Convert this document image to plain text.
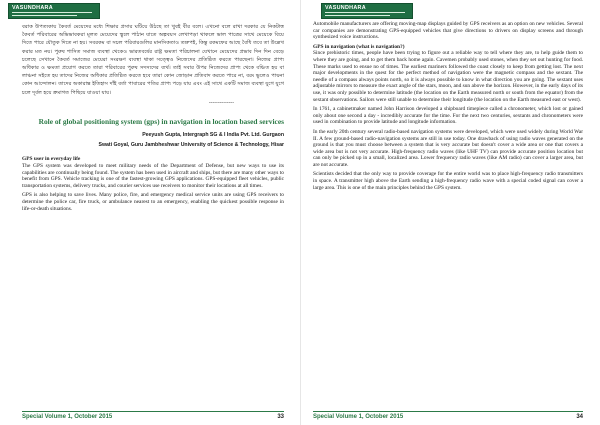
VASUNDHARA

বরাক উপত্যকায় কৈবর্ত মেয়েদের মধ্যে শিক্ষার প্রসার ঘটিয়ে উঠছে তা খুবই বীর বলে। এখনো বলে রাখা দরকার যে নিকটাত্ত কৈবর্ত পরিবারের অভিভাবকরা মূলত মেয়েদের স্কুলে পাঠান যাতে অল্পবয়স লেখাপড়া থাকলে ভাল পাত্রের সাথে মেয়েকে বিয়ে দিতে পারে যৌতুক দিতে না হয়। সবরকম বা সচল পরিবারগুলির মানসিকতাও তদ্রুপই, কিন্তু রকমফের আছে বৈধি তবে তা উল্লেখ করার মত নয়। পুরুষ শাসিত সমাজ ব্যবস্থা থেকেও ভারতবর্ষের রাষ্ট্র ক্ষমতা পরিচালনা যেখানে মেয়েদের প্রভাব দিন দিন বেড়ে চলেছে সেখানে কৈবর্ত সমাজের মেয়েরা সংরক্ষণ ব্যবস্থা থাকা সত্ত্বেও নিজেদের প্রতিষ্ঠিত করতে পারছেনা। নিজের প্রাপ্য অধিকার ও ক্ষমতা প্রয়োগ করতে তারা পরিবারের পুরুষ সদস্যদের ব্যর্থ। তাই সবার উপর নিজেদের প্রাপ্য থেকে বঞ্চিত হয় বা লাঞ্চনা সইতে হয় তাদের নিজের অধিকার প্রতিষ্ঠিত করতে হবে তারা কোন জোড়ান প্রতিবাদ করতে পারে না, বরং ভুলেও পায়না কোন আন্দোলন। তাদের অকারান্ত ইতিহাস দাঁই বর্তা পাবারের পতির প্রাপ্য পড়ে যায় এবং এই সাথে একটি সমাজ ব্যবস্থা যুগে যুগে চলে দূর্বল হয়ে ক্রমাগত পিছিয়ে যাওয়া যায়।

--------------

Role of global positioning system (gps) in navigation in location based services

Peeyush Gupta, Intergraph SG & I India Pvt. Ltd. Gurgaon

Swati Goyal, Guru Jambheshwar University of Science & Technology, Hisar

GPS user in everyday life

The GPS system was developed to meet military needs of the Department of Defense, but new ways to use its capabilities are continually being found. The system has been used in aircraft and ships, but there are many other ways to benefit from GPS. Vehicle tracking is one of the fastest-growing GPS applications. GPS-equipped fleet vehicles, public transportation systems, delivery trucks, and courier services use receivers to monitor their locations at all times.

GPS is also helping to save lives. Many police, fire, and emergency medical service units are using GPS receivers to determine the police car, fire truck, or ambulance nearest to an emergency, enabling the quickest possible response in life-or-death situations.

Special Volume 1, October 2015	33
VASUNDHARA

Automobile manufacturers are offering moving-map displays guided by GPS receivers as an option on new vehicles. Several car companies are demonstrating GPS-equipped vehicles that give directions to drivers on display screens and through synthesized voice instructions.

GPS in navigation (what is navigation?)

Since prehistoric times, people have been trying to figure out a reliable way to tell where they are, to help guide them to where they are going, and to get them back home again. Cavemen probably used stones, when they set out hunting for food. These marks used to ensue no of times. The earliest mariners followed the coast closely to keep from getting lost. The next major developments in the quest for the perfect method of navigation were the magnetic compass and the sextant. The needle of a compass always points north, so it is always possible to know in what direction you are going. The sextant uses adjustable mirrors to measure the exact angle of the stars, moon, and sun above the horizon. However, in the early days of its use, it was only possible to determine latitude (the location on the Earth measured north or south from the equator) from the sextant observations. Sailors were still unable to determine their longitude (the location on the Earth measured east or west).

In 1761, a cabinetmaker named John Harrison developed a shipboard timepiece called a chronometer, which lost or gained only about one second a day - incredibly accurate for the time. For the next two centuries, sextants and chronometers were used in combination to provide latitude and longitude information.

In the early 20th century several radio-based navigation systems were developed, which were used widely during World War II. A few ground-based radio-navigation systems are still in use today. One drawback of using radio waves generated on the ground is that you must choose between a system that is very accurate but doesn't cover a wide area or one that covers a wide area but is not very accurate. High-frequency radio waves (like UHF TV) can provide accurate position location but can only be picked up in a small, localized area. Lower frequency radio waves (like AM radio) can cover a larger area, but are not accurate.

Scientists decided that the only way to provide coverage for the entire world was to place high-frequency radio transmitters in space. A transmitter high above the Earth sending a high-frequency radio wave with a special coded signal can cover a large area. This is one of the main principles behind the GPS system.

Special Volume 1, October 2015	34
